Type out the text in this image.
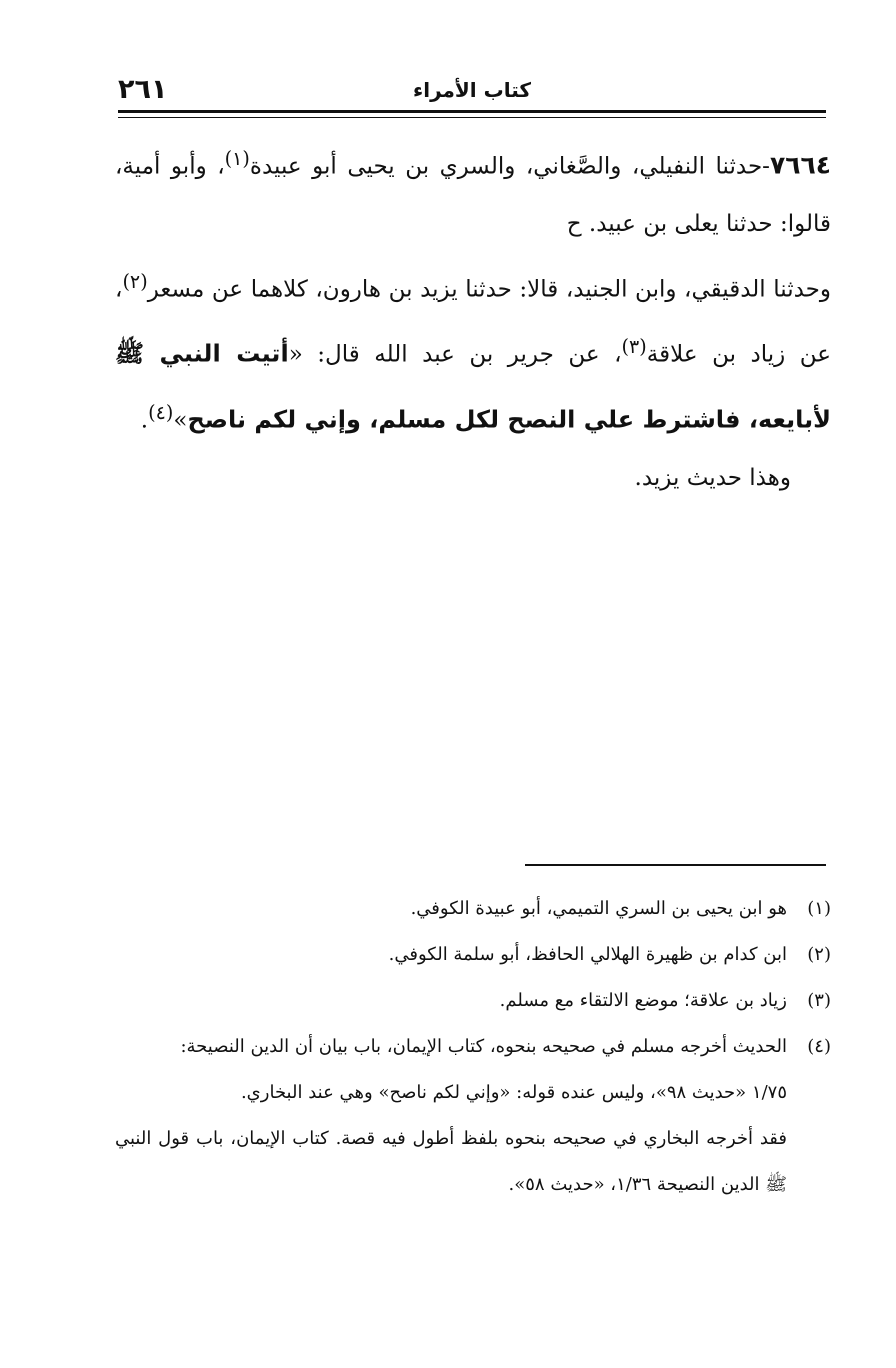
٢٦١	كتاب الأمراء

٧٦٦٤-حدثنا النفيلي، والصَّغاني، والسري بن يحيى أبو عبيدة$^{(١)}$، وأبو أمية، قالوا: حدثنا يعلى بن عبيد. ح

وحدثنا الدقيقي، وابن الجنيد، قالا: حدثنا يزيد بن هارون، كلاهما عن مسعر$^{(٢)}$، عن زياد بن علاقة$^{(٣)}$، عن جرير بن عبد الله قال: «أتيت النبي ﷺ لأبايعه، فاشترط علي النصح لكل مسلم، وإني لكم ناصح»$^{(٤)}$.

وهذا حديث يزيد.

(١)هو ابن يحيى بن السري التميمي، أبو عبيدة الكوفي.

(٢)ابن كدام بن ظهيرة الهلالي الحافظ، أبو سلمة الكوفي.

(٣)زياد بن علاقة؛ موضع الالتقاء مع مسلم.

(٤)الحديث أخرجه مسلم في صحيحه بنحوه، كتاب الإيمان، باب بيان أن الدين النصيحة:

١/٧٥ «حديث ٩٨»، وليس عنده قوله: «وإني لكم ناصح» وهي عند البخاري.

فقد أخرجه البخاري في صحيحه بنحوه بلفظ أطول فيه قصة. كتاب الإيمان، باب قول النبي ﷺ الدين النصيحة ١/٣٦، «حديث ٥٨».
